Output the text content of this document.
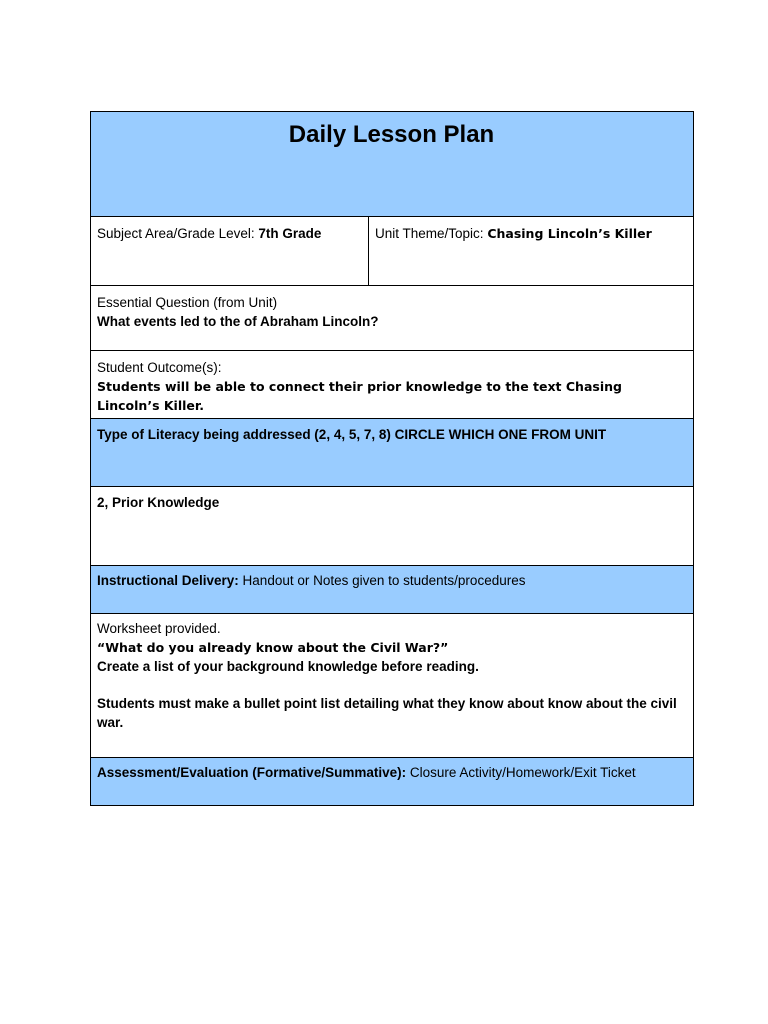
Daily Lesson Plan
Subject Area/Grade Level: 7th Grade	Unit Theme/Topic: Chasing Lincoln’s Killer
Essential Question (from Unit)
What events led to the of Abraham Lincoln?
Student Outcome(s):
Students will be able to connect their prior knowledge to the text Chasing Lincoln’s Killer.
Type of Literacy being addressed (2, 4, 5, 7, 8) CIRCLE WHICH ONE FROM UNIT
2, Prior Knowledge
Instructional Delivery: Handout or Notes given to students/procedures
Worksheet provided.
“What do you already know about the Civil War?”
Create a list of your background knowledge before reading.
Students must make a bullet point list detailing what they know about know about the civil war.
Assessment/Evaluation (Formative/Summative): Closure Activity/Homework/Exit Ticket
